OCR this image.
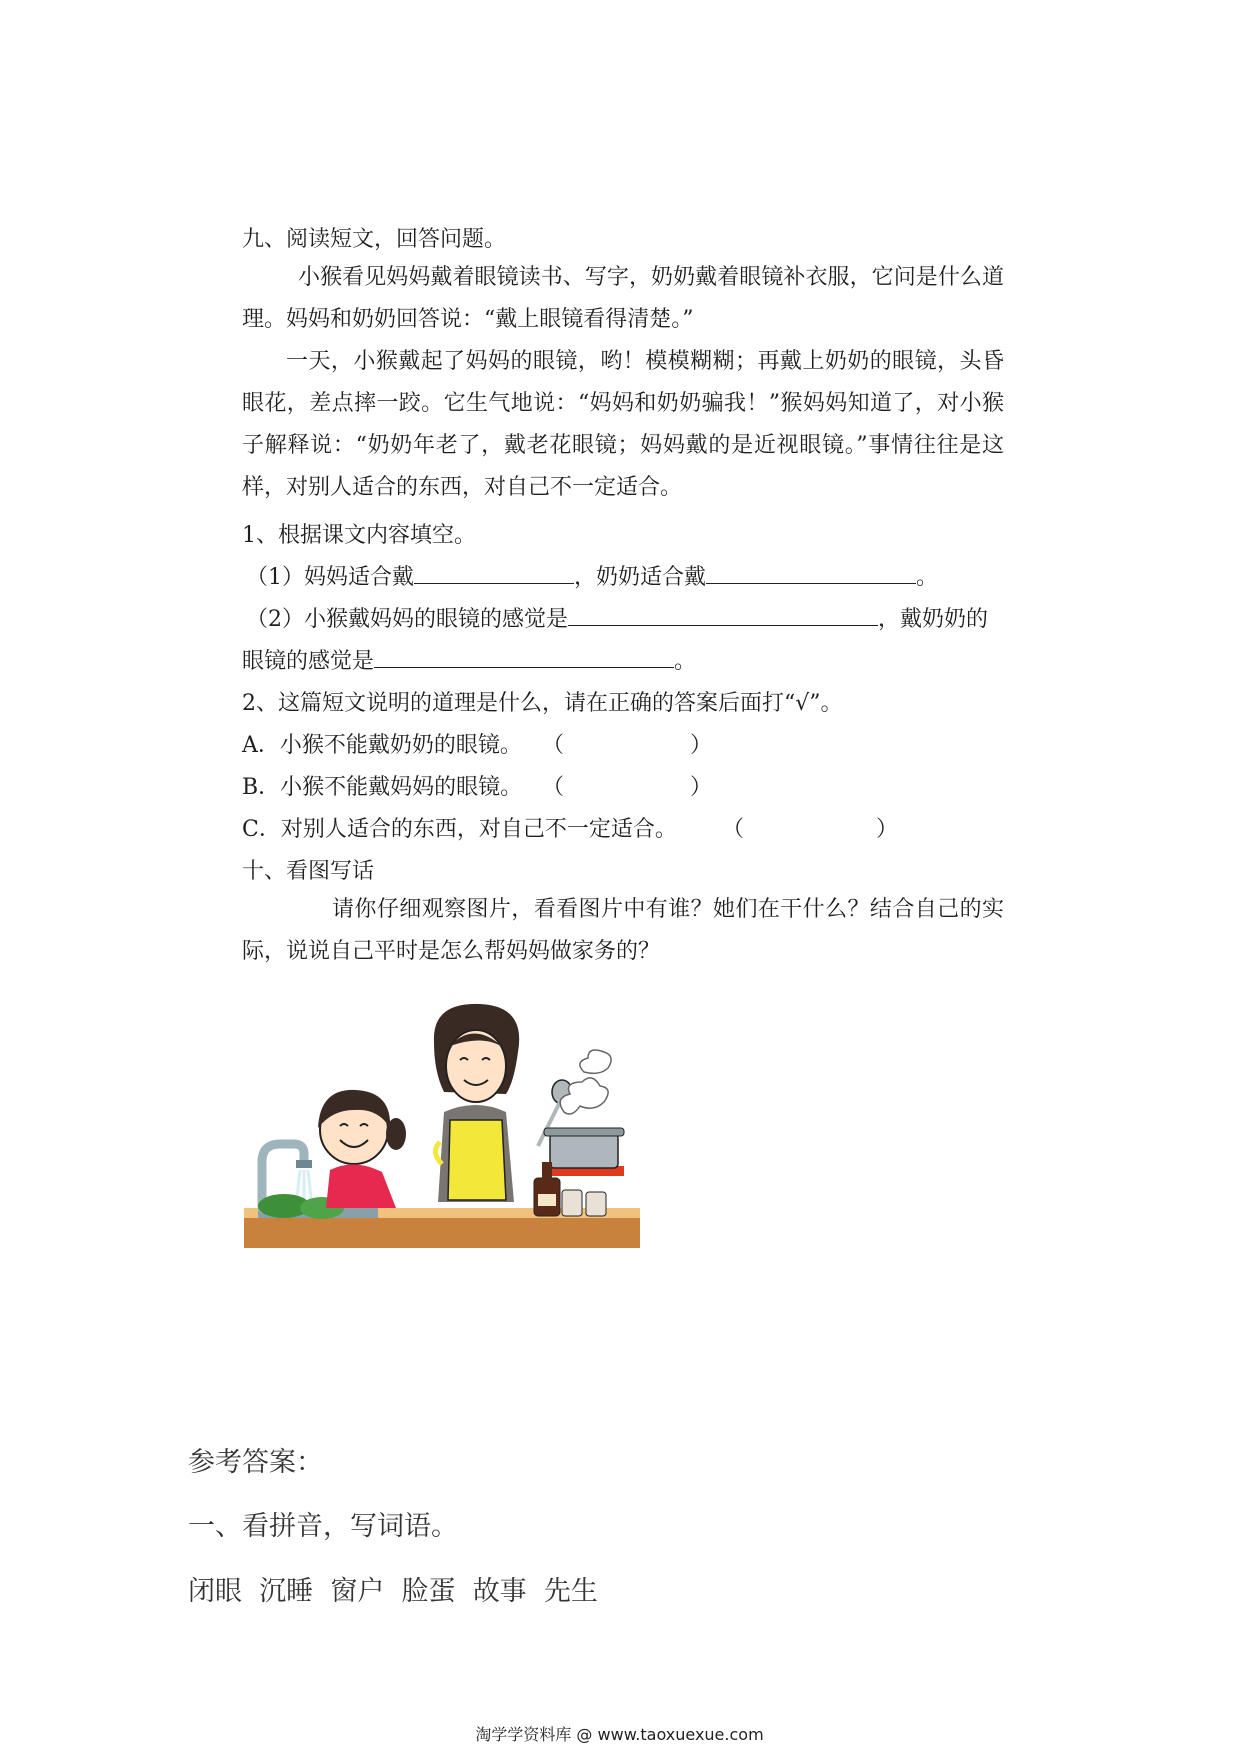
九、阅读短文，回答问题。
小猴看见妈妈戴着眼镜读书、写字，奶奶戴着眼镜补衣服，它问是什么道理。妈妈和奶奶回答说：“戴上眼镜看得清楚。”
一天，小猴戴起了妈妈的眼镜，哟！模模糊糊；再戴上奶奶的眼镜，头昏眼花，差点摔一跤。它生气地说：“妈妈和奶奶骗我！”猴妈妈知道了，对小猴子解释说：“奶奶年老了，戴老花眼镜；妈妈戴的是近视眼镜。”事情往往是这样，对别人适合的东西，对自己不一定适合。
1、根据课文内容填空。
（1）妈妈适合戴	，奶奶适合戴	。
（2）小猴戴妈妈的眼镜的感觉是	，戴奶奶的
眼镜的感觉是	。
2、这篇短文说明的道理是什么，请在正确的答案后面打“√”。
A．小猴不能戴奶奶的眼镜。 （	）
B．小猴不能戴妈妈的眼镜。 （	）
C．对别人适合的东西，对自己不一定适合。 （	）
十、看图写话
请你仔细观察图片，看看图片中有谁？她们在干什么？结合自己的实际，说说自己平时是怎么帮妈妈做家务的？
参考答案：
一、看拼音，写词语。
闭眼 沉睡 窗户 脸蛋 故事 先生
淘学学资料库 @ www.taoxuexue.com
